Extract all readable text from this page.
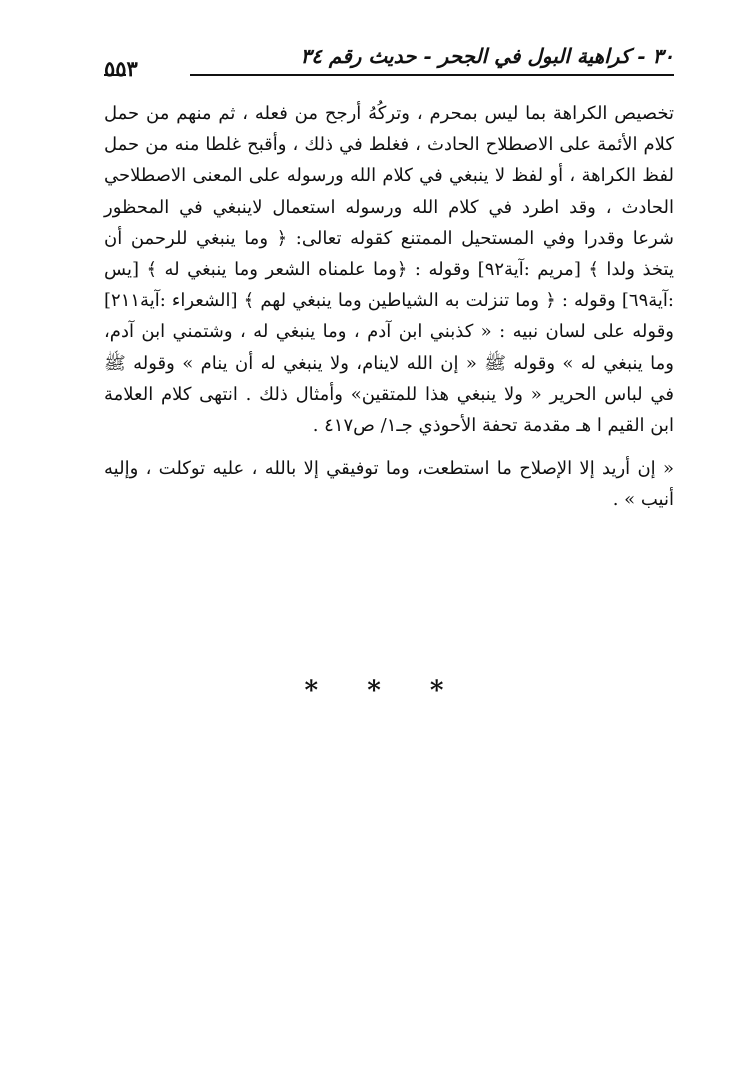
٣٠ - كراهية البول في الجحر - حديث رقم ٣٤
٥٥٣

تخصيص الكراهة بما ليس بمحرم ، وتركُهُ أرجح من فعله ، ثم منهم من حمل كلام الأئمة على الاصطلاح الحادث ، فغلط في ذلك ، وأقبح غلطا منه من حمل لفظ الكراهة ، أو لفظ لا ينبغي في كلام الله ورسوله على المعنى الاصطلاحي الحادث ، وقد اطرد في كلام الله ورسوله استعمال لاينبغي في المحظور شرعا وقدرا وفي المستحيل الممتنع كقوله تعالى: ﴿ وما ينبغي للرحمن أن يتخذ ولدا ﴾ [مريم :آية٩٢] وقوله : ﴿وما علمناه الشعر وما ينبغي له ﴾ [يس :آية٦٩] وقوله : ﴿ وما تنزلت به الشياطين وما ينبغي لهم ﴾ [الشعراء :آية٢١١] وقوله على لسان نبيه : « كذبني ابن آدم ، وما ينبغي له ، وشتمني ابن آدم، وما ينبغي له » وقوله ﷺ « إن الله لاينام، ولا ينبغي له أن ينام » وقوله ﷺ في لباس الحرير « ولا ينبغي هذا للمتقين» وأمثال ذلك . انتهى كلام العلامة ابن القيم ا هـ مقدمة تحفة الأحوذي جـ١/ ص٤١٧ .

« إن أريد إلا الإصلاح ما استطعت، وما توفيقي إلا بالله ، عليه توكلت ، وإليه أنيب » .

* * *
